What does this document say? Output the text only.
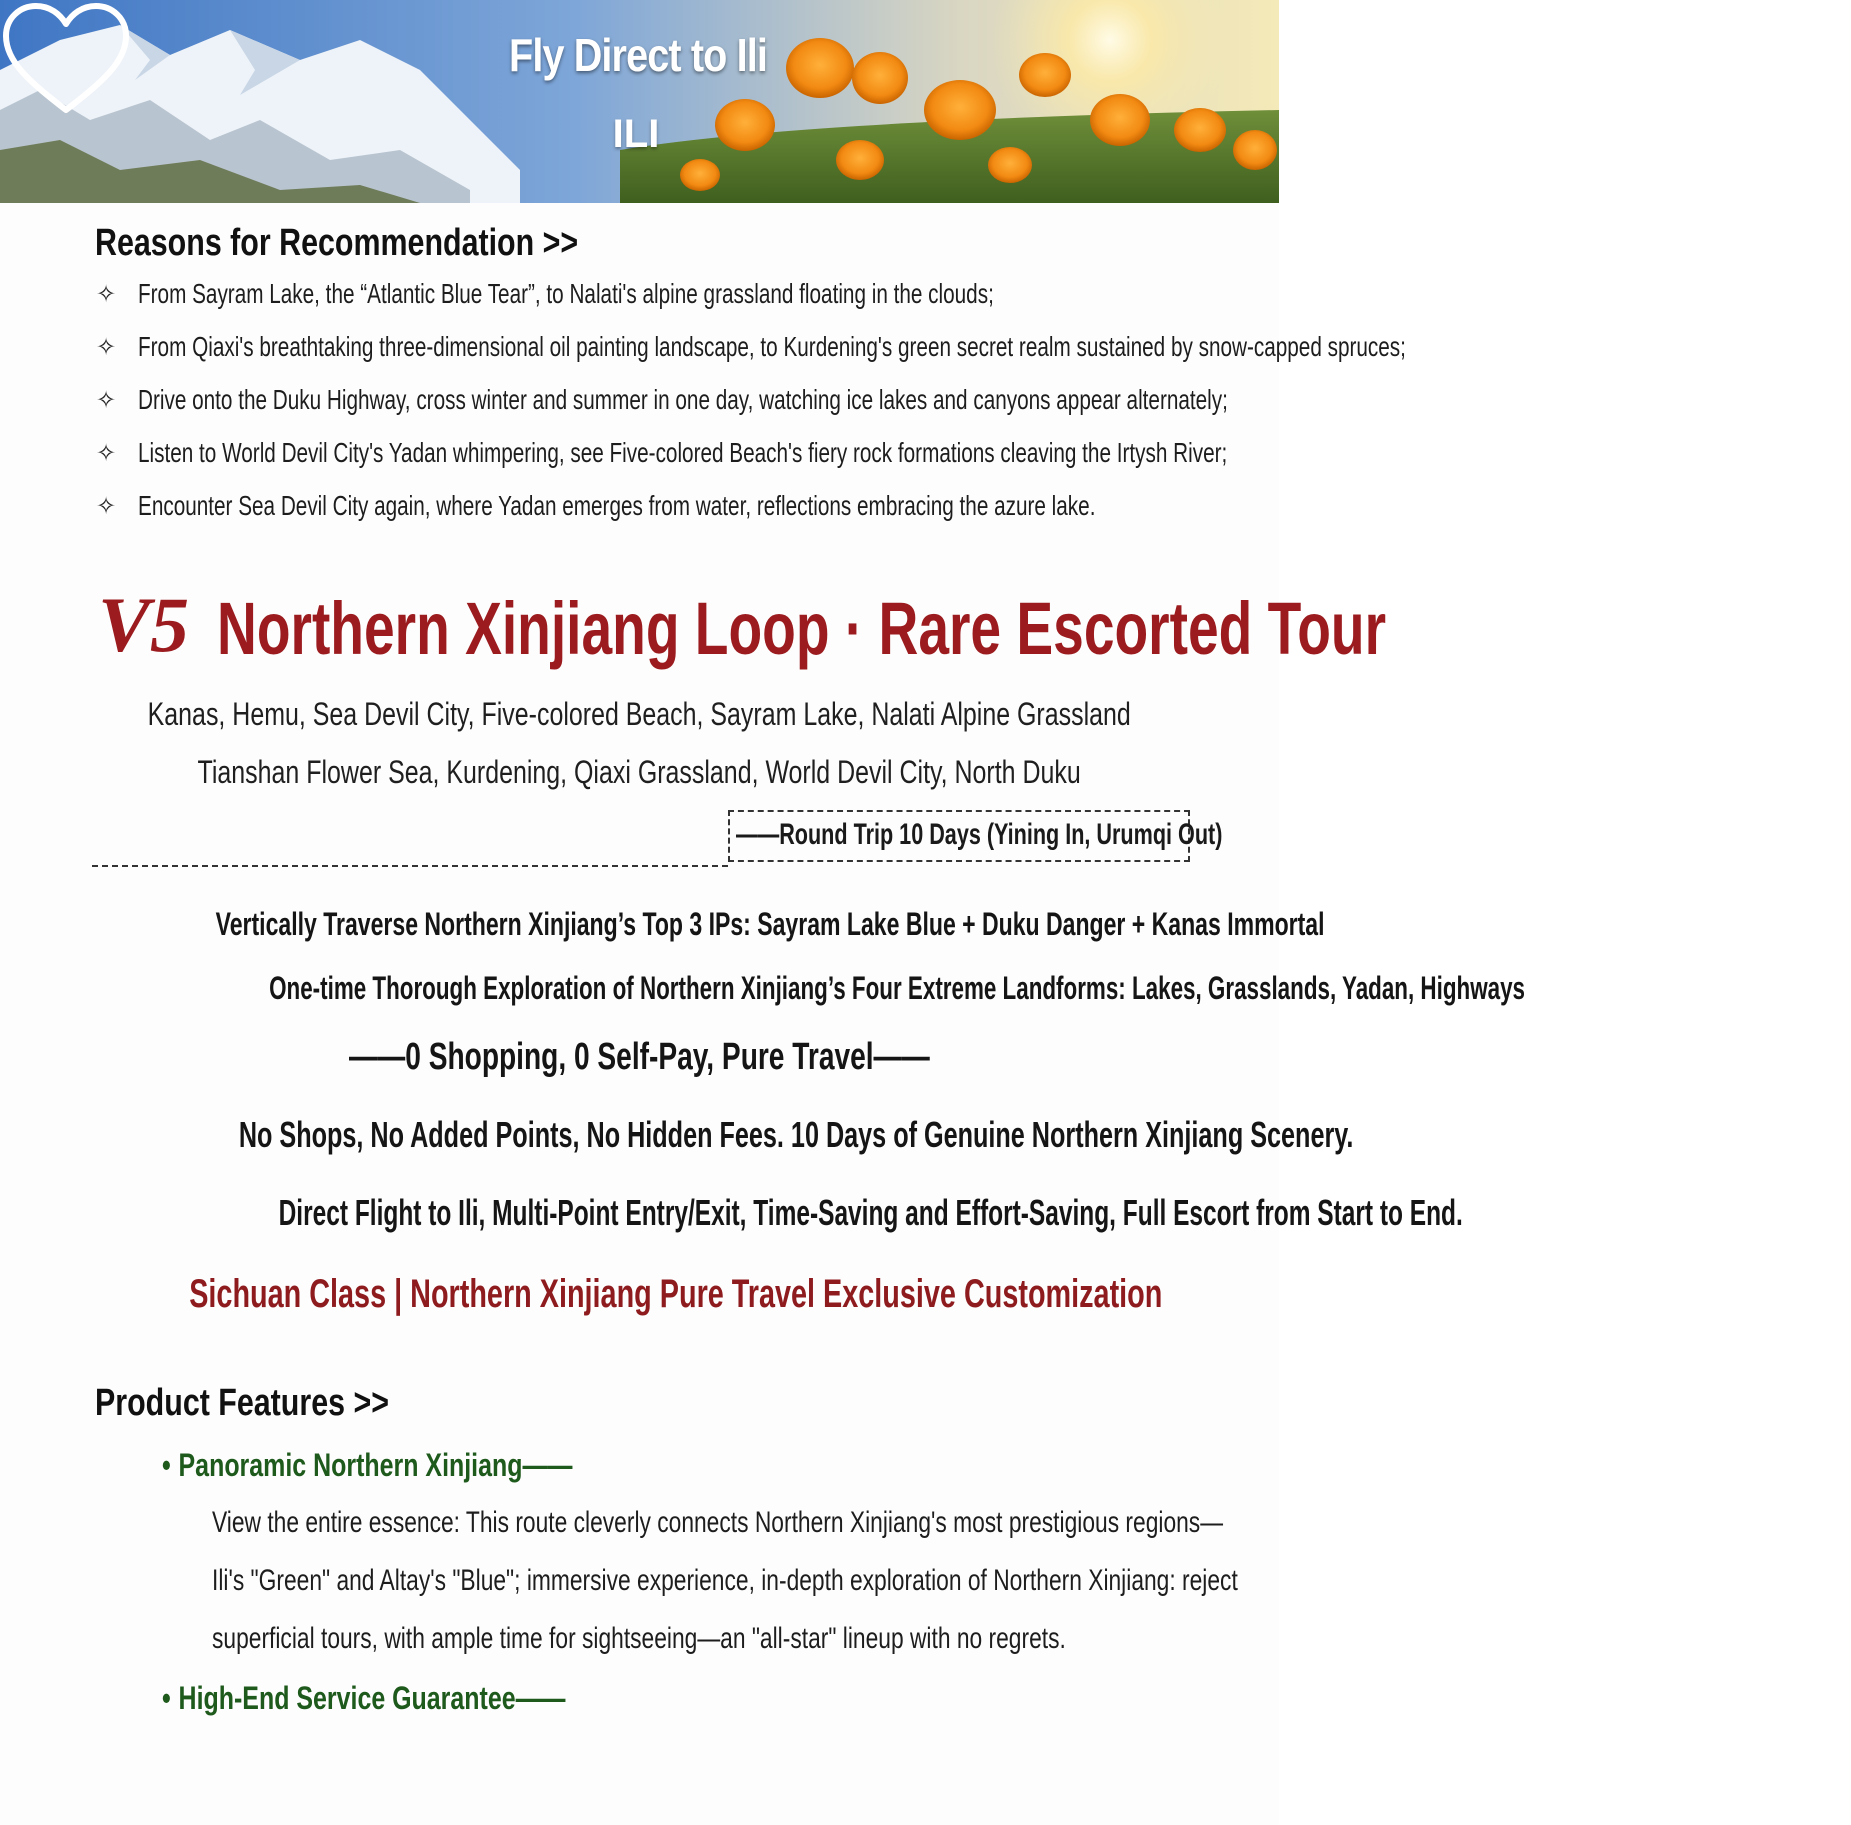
Fly Direct to Ili
ILI
Reasons for Recommendation >>
✧ From Sayram Lake, the “Atlantic Blue Tear”, to Nalati's alpine grassland floating in the clouds;
✧ From Qiaxi's breathtaking three-dimensional oil painting landscape, to Kurdening's green secret realm sustained by snow-capped spruces;
✧ Drive onto the Duku Highway, cross winter and summer in one day, watching ice lakes and canyons appear alternately;
✧ Listen to World Devil City's Yadan whimpering, see Five-colored Beach's fiery rock formations cleaving the Irtysh River;
✧ Encounter Sea Devil City again, where Yadan emerges from water, reflections embracing the azure lake.
V5 Northern Xinjiang Loop · Rare Escorted Tour
Kanas, Hemu, Sea Devil City, Five-colored Beach, Sayram Lake, Nalati Alpine Grassland
Tianshan Flower Sea, Kurdening, Qiaxi Grassland, World Devil City, North Duku
——Round Trip 10 Days (Yining In, Urumqi Out)
Vertically Traverse Northern Xinjiang’s Top 3 IPs: Sayram Lake Blue + Duku Danger + Kanas Immortal
One-time Thorough Exploration of Northern Xinjiang’s Four Extreme Landforms: Lakes, Grasslands, Yadan, Highways
——0 Shopping, 0 Self-Pay, Pure Travel——
No Shops, No Added Points, No Hidden Fees. 10 Days of Genuine Northern Xinjiang Scenery.
Direct Flight to Ili, Multi-Point Entry/Exit, Time-Saving and Effort-Saving, Full Escort from Start to End.
Sichuan Class | Northern Xinjiang Pure Travel Exclusive Customization
Product Features >>
• Panoramic Northern Xinjiang——
View the entire essence: This route cleverly connects Northern Xinjiang's most prestigious regions—
Ili's "Green" and Altay's "Blue"; immersive experience, in-depth exploration of Northern Xinjiang: reject
superficial tours, with ample time for sightseeing—an "all-star" lineup with no regrets.
• High-End Service Guarantee——
